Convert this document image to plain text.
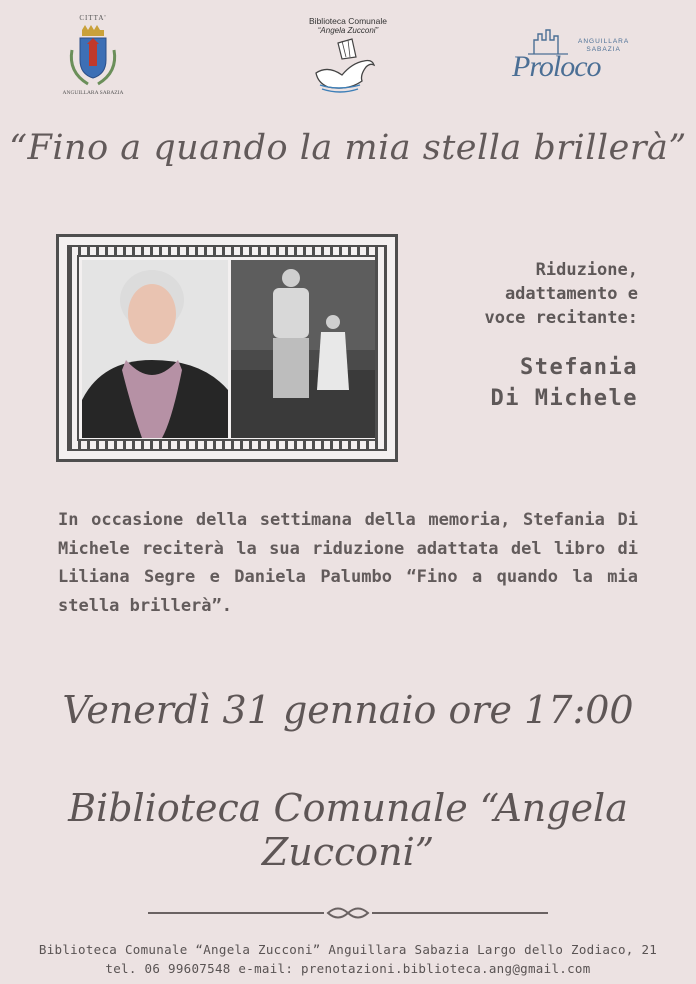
CITTA'
ANGUILLARA SABAZIA
Biblioteca Comunale
“Angela Zucconi”
ANGUILLARA
SABAZIA
Proloco
“Fino a quando la mia stella brillerà”
Riduzione,
adattamento e
voce recitante:
Stefania
Di Michele
In occasione della settimana della memoria, Stefania Di Michele reciterà la sua riduzione adattata del libro di Liliana Segre e Daniela Palumbo “Fino a quando la mia stella brillerà”.
Venerdì 31 gennaio ore 17:00
Biblioteca Comunale “Angela Zucconi”
Biblioteca Comunale “Angela Zucconi” Anguillara Sabazia Largo dello Zodiaco, 21
tel. 06 99607548 e-mail: prenotazioni.biblioteca.ang@gmail.com
